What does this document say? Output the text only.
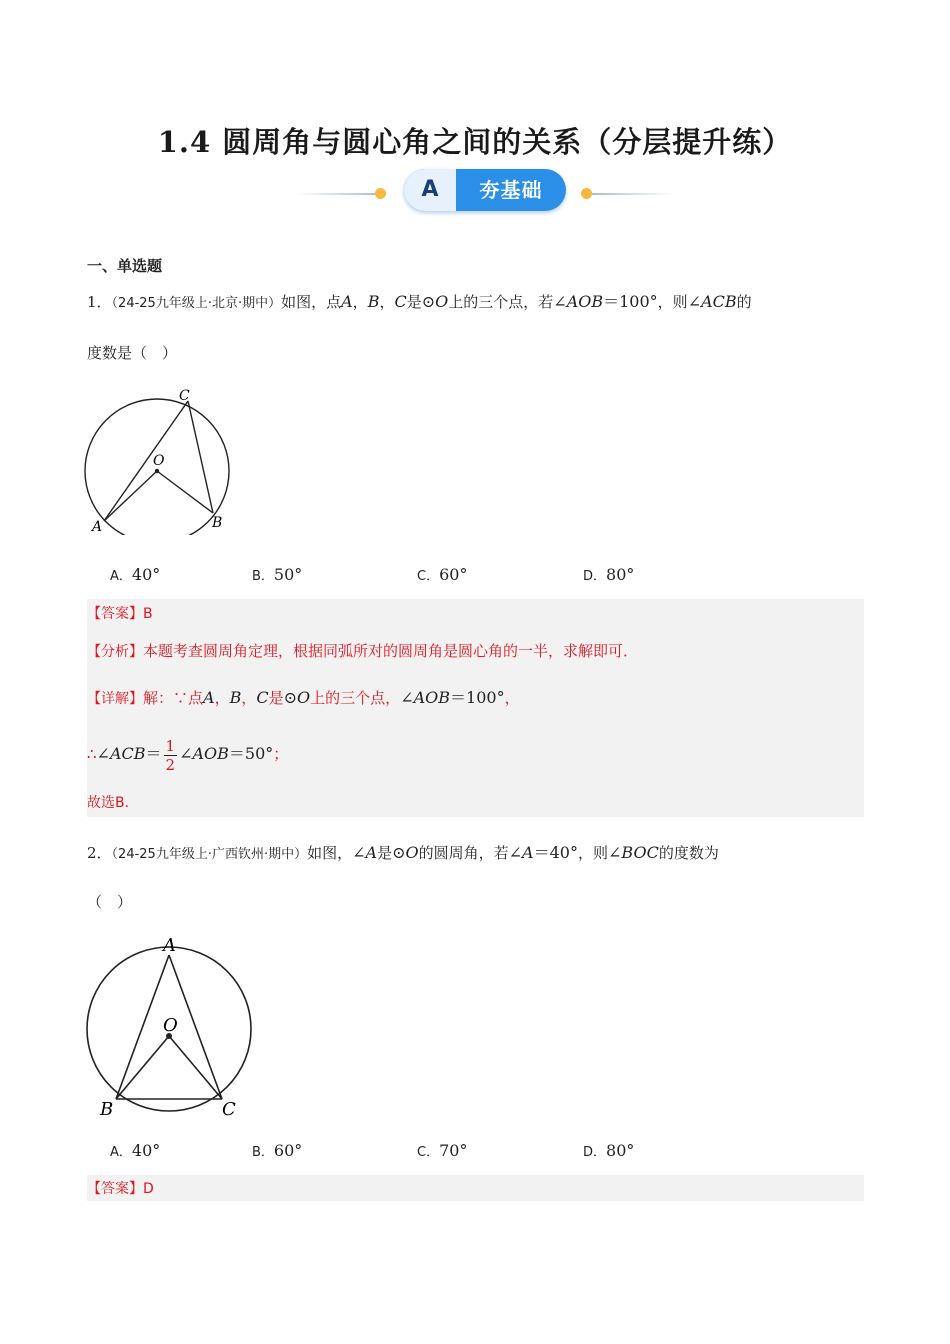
1.4 圆周角与圆心角之间的关系（分层提升练）
A	夯基础
一、单选题
1．（24-25九年级上·北京·期中）如图，点A，B，C是⊙O上的三个点，若∠AOB＝100°，则∠ACB的
度数是（　）
C
O
A	B
A．40°	B．50°	C．60°	D．80°
【答案】B
【分析】本题考查圆周角定理，根据同弧所对的圆周角是圆心角的一半，求解即可．
【详解】解：∵点A，B，C是⊙O上的三个点，∠AOB＝100°，
∴∠ACB＝ $\frac{1}{2}$ ∠AOB＝50°；
故选B．
2．（24-25九年级上·广西钦州·期中）如图，∠A是⊙O的圆周角，若∠A＝40°，则∠BOC的度数为
（　）
A
O
B	C
A．40°	B．60°	C．70°	D．80°
【答案】D
